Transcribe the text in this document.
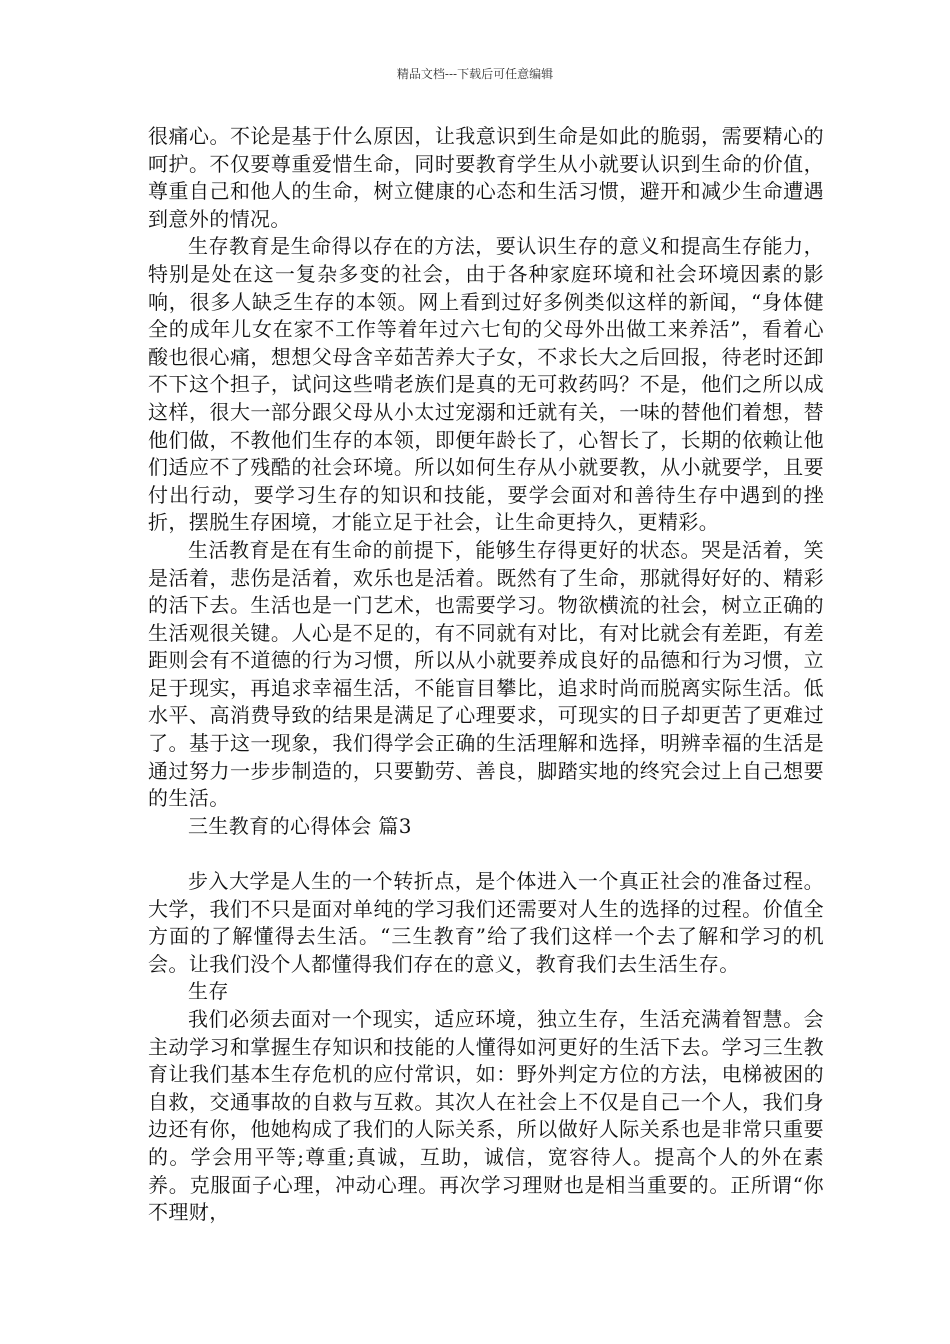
精品文档---下载后可任意编辑

很痛心。不论是基于什么原因，让我意识到生命是如此的脆弱，需要精心的呵护。不仅要尊重爱惜生命，同时要教育学生从小就要认识到生命的价值，尊重自己和他人的生命，树立健康的心态和生活习惯，避开和减少生命遭遇到意外的情况。

生存教育是生命得以存在的方法，要认识生存的意义和提高生存能力，特别是处在这一复杂多变的社会，由于各种家庭环境和社会环境因素的影响，很多人缺乏生存的本领。网上看到过好多例类似这样的新闻，“身体健全的成年儿女在家不工作等着年过六七旬的父母外出做工来养活”，看着心酸也很心痛，想想父母含辛茹苦养大子女，不求长大之后回报，待老时还卸不下这个担子，试问这些啃老族们是真的无可救药吗？不是，他们之所以成这样，很大一部分跟父母从小太过宠溺和迁就有关，一味的替他们着想，替他们做，不教他们生存的本领，即便年龄长了，心智长了，长期的依赖让他们适应不了残酷的社会环境。所以如何生存从小就要教，从小就要学，且要付出行动，要学习生存的知识和技能，要学会面对和善待生存中遇到的挫折，摆脱生存困境，才能立足于社会，让生命更持久，更精彩。

生活教育是在有生命的前提下，能够生存得更好的状态。哭是活着，笑是活着，悲伤是活着，欢乐也是活着。既然有了生命，那就得好好的、精彩的活下去。生活也是一门艺术，也需要学习。物欲横流的社会，树立正确的生活观很关键。人心是不足的，有不同就有对比，有对比就会有差距，有差距则会有不道德的行为习惯，所以从小就要养成良好的品德和行为习惯，立足于现实，再追求幸福生活，不能盲目攀比，追求时尚而脱离实际生活。低水平、高消费导致的结果是满足了心理要求，可现实的日子却更苦了更难过了。基于这一现象，我们得学会正确的生活理解和选择，明辨幸福的生活是通过努力一步步制造的，只要勤劳、善良，脚踏实地的终究会过上自己想要的生活。

三生教育的心得体会 篇3

步入大学是人生的一个转折点，是个体进入一个真正社会的准备过程。大学，我们不只是面对单纯的学习我们还需要对人生的选择的过程。价值全方面的了解懂得去生活。“三生教育”给了我们这样一个去了解和学习的机会。让我们没个人都懂得我们存在的意义，教育我们去生活生存。

生存

我们必须去面对一个现实，适应环境，独立生存，生活充满着智慧。会主动学习和掌握生存知识和技能的人懂得如河更好的生活下去。学习三生教育让我们基本生存危机的应付常识，如：野外判定方位的方法，电梯被困的自救，交通事故的自救与互救。其次人在社会上不仅是自己一个人，我们身边还有你，他她构成了我们的人际关系，所以做好人际关系也是非常只重要的。学会用平等;尊重;真诚，互助，诚信，宽容待人。提高个人的外在素养。克服面子心理，冲动心理。再次学习理财也是相当重要的。正所谓“你不理财，
